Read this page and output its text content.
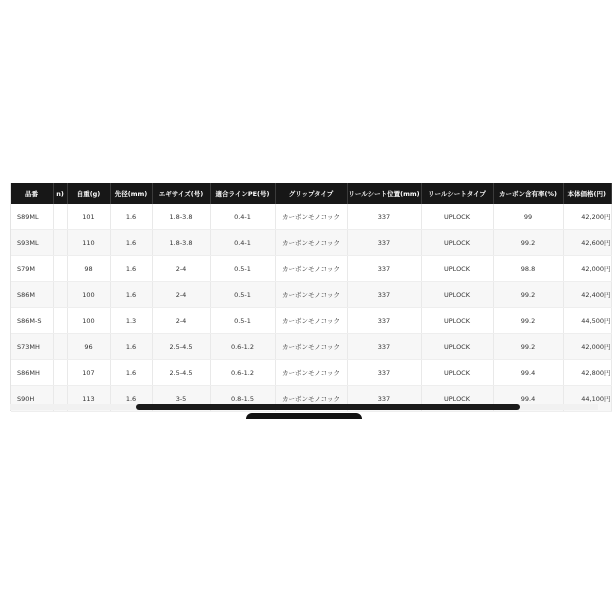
品番	n)	自重(g)	先径(mm)	エギサイズ(号)	適合ラインPE(号)	グリップタイプ	リールシート位置(mm)	リールシートタイプ	カーボン含有率(%)	本体価格(円)
S89ML		101	1.6	1.8-3.8	0.4-1	カーボンモノコック	337	UPLOCK	99	42,200円
S93ML		110	1.6	1.8-3.8	0.4-1	カーボンモノコック	337	UPLOCK	99.2	42,600円
S79M		98	1.6	2-4	0.5-1	カーボンモノコック	337	UPLOCK	98.8	42,000円
S86M		100	1.6	2-4	0.5-1	カーボンモノコック	337	UPLOCK	99.2	42,400円
S86M-S		100	1.3	2-4	0.5-1	カーボンモノコック	337	UPLOCK	99.2	44,500円
S73MH		96	1.6	2.5-4.5	0.6-1.2	カーボンモノコック	337	UPLOCK	99.2	42,000円
S86MH		107	1.6	2.5-4.5	0.6-1.2	カーボンモノコック	337	UPLOCK	99.4	42,800円
S90H		113	1.6	3-5	0.8-1.5	カーボンモノコック	337	UPLOCK	99.4	44,100円
